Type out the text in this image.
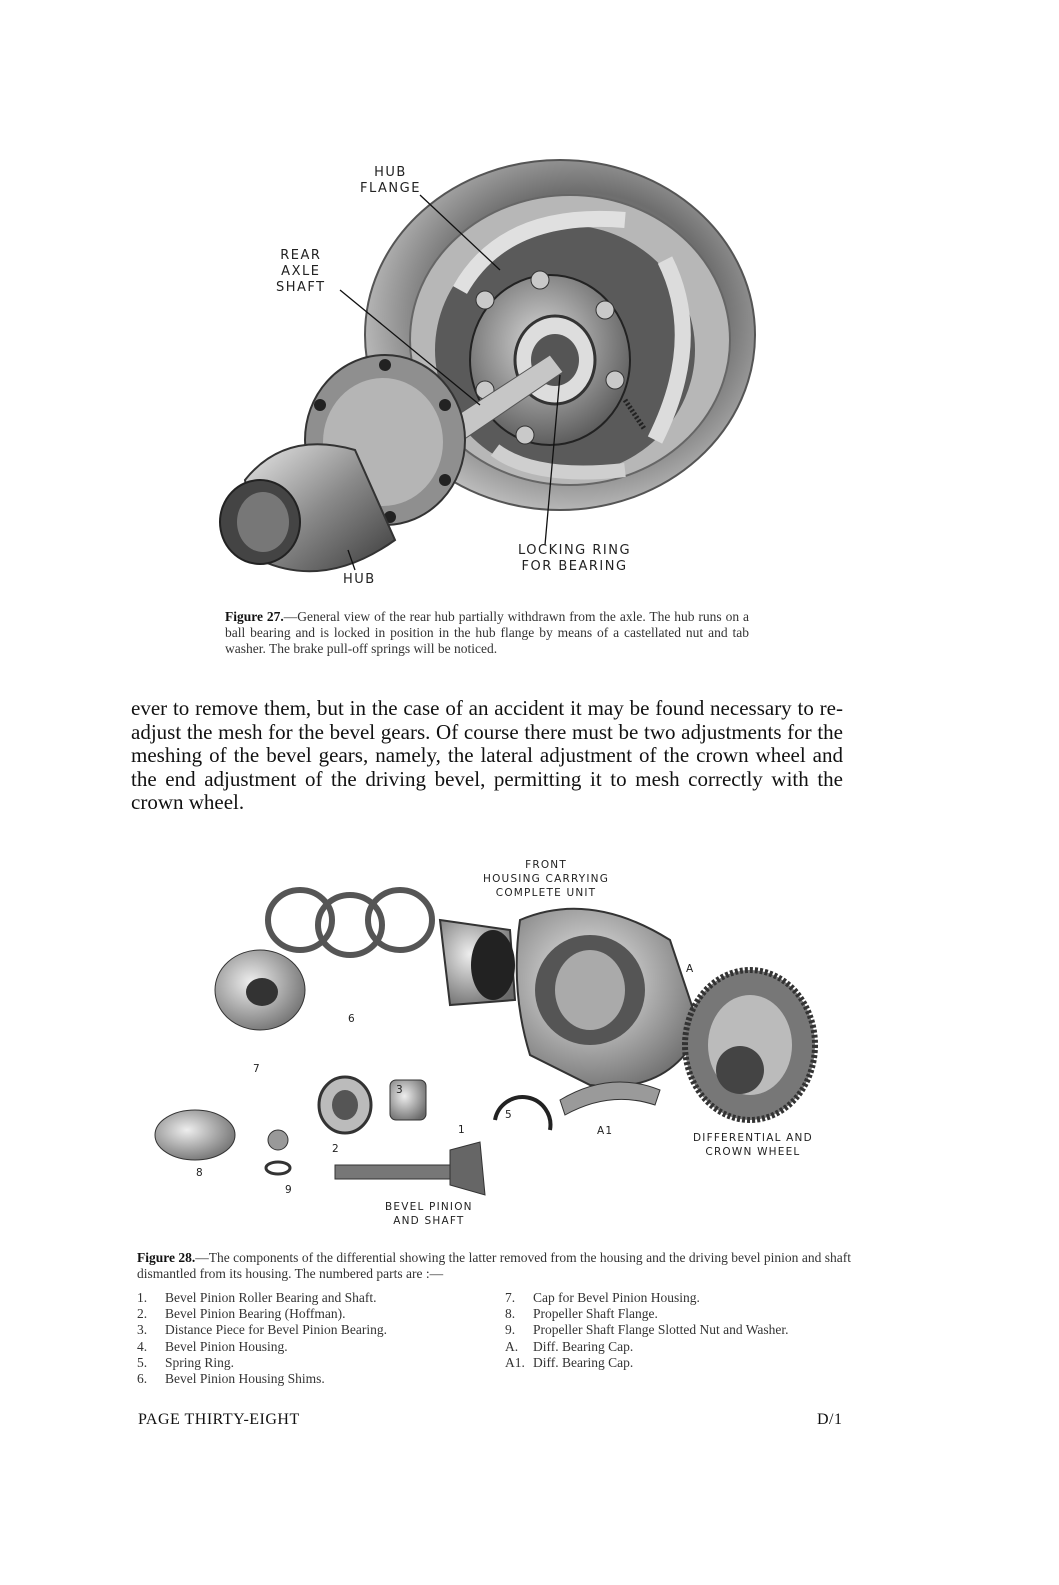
HUB
FLANGE
REAR
AXLE
SHAFT
LOCKING RING
FOR BEARING
HUB
Figure 27.—General view of the rear hub partially withdrawn from the axle. The hub runs on a ball bearing and is locked in position in the hub flange by means of a castellated nut and tab washer. The brake pull-off springs will be noticed.

ever to remove them, but in the case of an accident it may be found necessary to re-adjust the mesh for the bevel gears. Of course there must be two adjustments for the meshing of the bevel gears, namely, the lateral adjustment of the crown wheel and the end adjustment of the driving bevel, permitting it to mesh correctly with the crown wheel.

FRONT
HOUSING CARRYING
COMPLETE UNIT
DIFFERENTIAL AND
CROWN WHEEL
BEVEL PINION
AND SHAFT
1
2
3
4
5
6
7
8
9
A
A1
Figure 28.—The components of the differential showing the latter removed from the housing and the driving bevel pinion and shaft dismantled from its housing. The numbered parts are :—
1.	Bevel Pinion Roller Bearing and Shaft.
2.	Bevel Pinion Bearing (Hoffman).
3.	Distance Piece for Bevel Pinion Bearing.
4.	Bevel Pinion Housing.
5.	Spring Ring.
6.	Bevel Pinion Housing Shims.
7.	Cap for Bevel Pinion Housing.
8.	Propeller Shaft Flange.
9.	Propeller Shaft Flange Slotted Nut and Washer.
A.	Diff. Bearing Cap.
A1. Diff. Bearing Cap.
PAGE THIRTY-EIGHT	D/1
